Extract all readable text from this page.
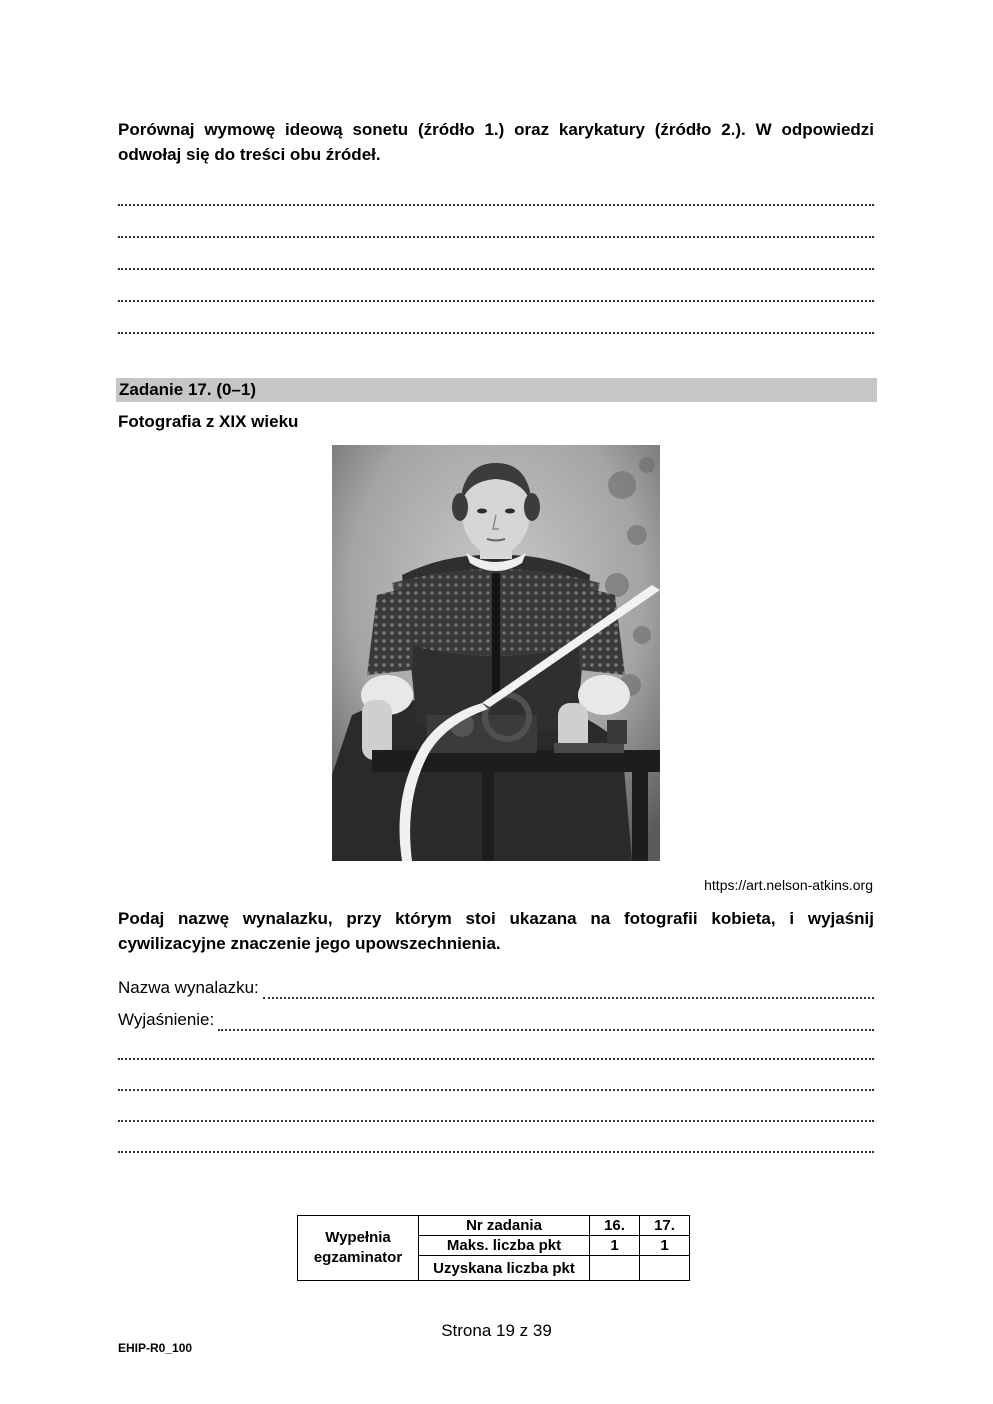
Porównaj wymowę ideową sonetu (źródło 1.) oraz karykatury (źródło 2.). W odpowiedzi odwołaj się do treści obu źródeł.
Zadanie 17. (0–1)
Fotografia z XIX wieku
https://art.nelson-atkins.org
Podaj nazwę wynalazku, przy którym stoi ukazana na fotografii kobieta, i wyjaśnij cywilizacyjne znaczenie jego upowszechnienia.
Nazwa wynalazku:
Wyjaśnienie:
Wypełnia egzaminator	Nr zadania	16.	17.
	Maks. liczba pkt	1	1
	Uzyskana liczba pkt		
Strona 19 z 39
EHIP-R0_100
